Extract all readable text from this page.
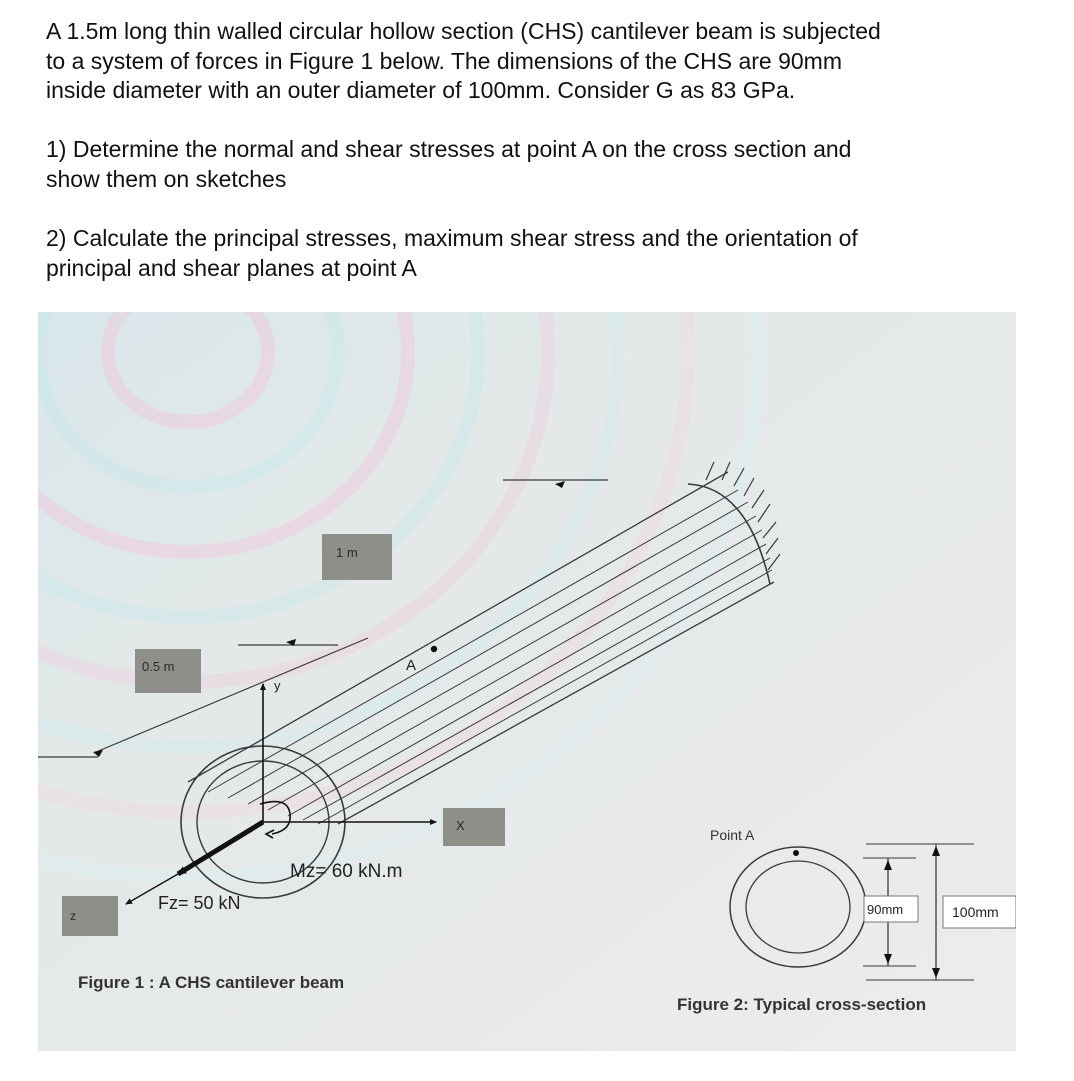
A 1.5m long thin walled circular hollow section (CHS) cantilever beam is subjected
to a system of forces in Figure 1 below. The dimensions of the CHS are 90mm
inside diameter with an outer diameter of 100mm. Consider G as 83 GPa.

1) Determine the normal and shear stresses at point A on the cross section and
show them on sketches

2) Calculate the principal stresses, maximum shear stress and the orientation of
principal and shear planes at point A

1 m
0.5 m
X
z
y
A
Mz= 60 kN.m
Fz= 50 kN
Figure 1 : A CHS cantilever beam
Point A
90mm	100mm
Figure 2: Typical cross-section
